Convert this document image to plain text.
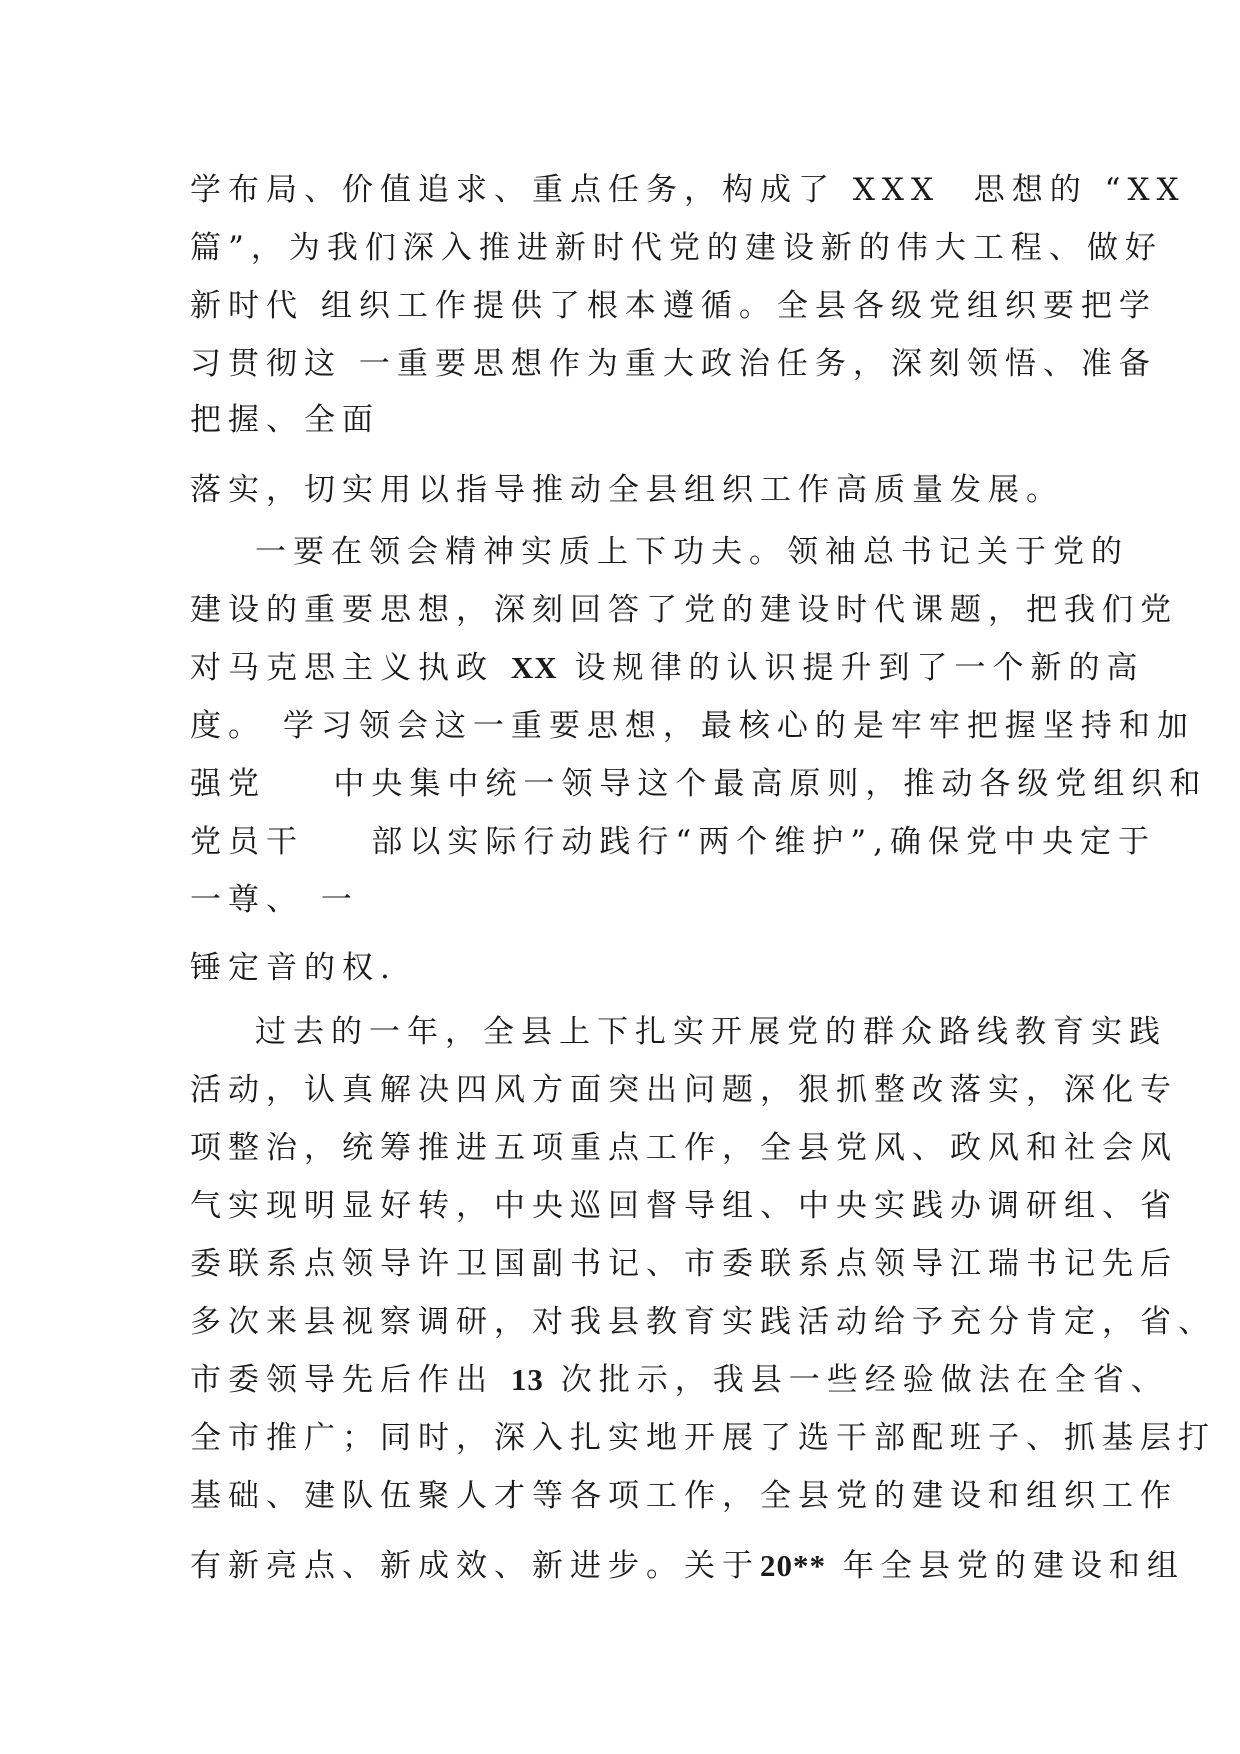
学布局、价值追求、重点任务，构成了 XXX  思想的 “XX
篇”，为我们深入推进新时代党的建设新的伟大工程、做好
新时代 组织工作提供了根本遵循。全县各级党组织要把学
习贯彻这 一重要思想作为重大政治任务，深刻领悟、准备
把握、全面
落实，切实用以指导推动全县组织工作高质量发展。
一要在领会精神实质上下功夫。领袖总书记关于党的
建设的重要思想，深刻回答了党的建设时代课题，把我们党
对马克思主义执政 XX 设规律的认识提升到了一个新的高
度。 学习领会这一重要思想，最核心的是牢牢把握坚持和加
强党    中央集中统一领导这个最高原则，推动各级党组织和
党员干    部以实际行动践行“两个维护”,确保党中央定于
一尊、 一
锤定音的权.
过去的一年，全县上下扎实开展党的群众路线教育实践
活动，认真解决四风方面突出问题，狠抓整改落实，深化专
项整治，统筹推进五项重点工作，全县党风、政风和社会风
气实现明显好转，中央巡回督导组、中央实践办调研组、省
委联系点领导许卫国副书记、市委联系点领导江瑞书记先后
多次来县视察调研，对我县教育实践活动给予充分肯定，省、
市委领导先后作出 13 次批示，我县一些经验做法在全省、
全市推广；同时，深入扎实地开展了选干部配班子、抓基层打
基础、建队伍聚人才等各项工作，全县党的建设和组织工作
有新亮点、新成效、新进步。关于20** 年全县党的建设和组
